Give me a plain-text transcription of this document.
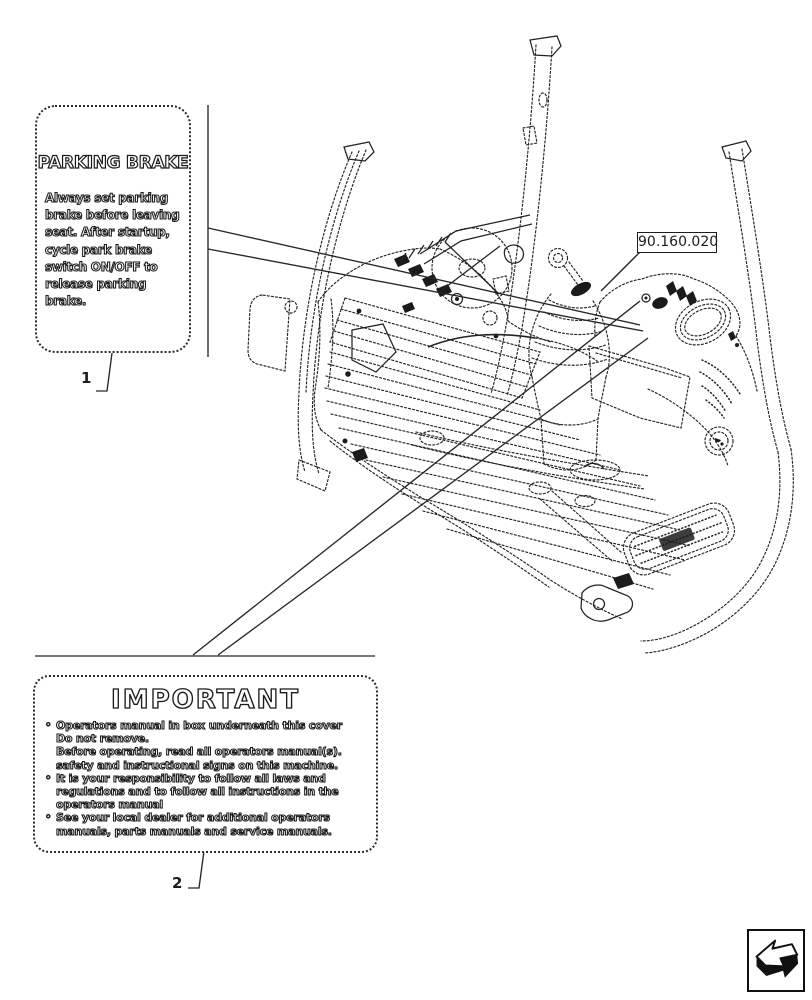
PARKING BRAKE
Always set parking
brake before leaving
seat. After startup,
cycle park brake
switch ON/OFF to
release parking brake.
1
IMPORTANT
◦ Operators manual in box underneath this cover
Do not remove.
Before operating, read all operators manual(s).
safety and instructional signs on this machine.
◦ It is your responsibility to follow all laws and
regulations and to follow all instructions in the
operators manual
◦ See your local dealer for additional operators
manuals, parts manuals and service manuals.
2
90.160.020
